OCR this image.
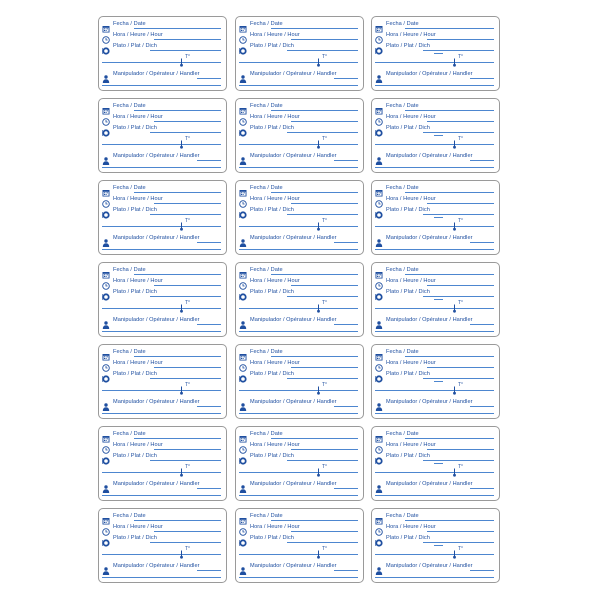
Fecha / Date
Hora / Heure / Hour
Plato / Plat / Dich
T°
Manipulador / Opérateur / Handler
Fecha / Date
Hora / Heure / Hour
Plato / Plat / Dich
T°
Manipulador / Opérateur / Handler
Fecha / Date
Hora / Heure / Hour
Plato / Plat / Dich
T°
Manipulador / Opérateur / Handler
Fecha / Date
Hora / Heure / Hour
Plato / Plat / Dich
T°
Manipulador / Opérateur / Handler
Fecha / Date
Hora / Heure / Hour
Plato / Plat / Dich
T°
Manipulador / Opérateur / Handler
Fecha / Date
Hora / Heure / Hour
Plato / Plat / Dich
T°
Manipulador / Opérateur / Handler
Fecha / Date
Hora / Heure / Hour
Plato / Plat / Dich
T°
Manipulador / Opérateur / Handler
Fecha / Date
Hora / Heure / Hour
Plato / Plat / Dich
T°
Manipulador / Opérateur / Handler
Fecha / Date
Hora / Heure / Hour
Plato / Plat / Dich
T°
Manipulador / Opérateur / Handler
Fecha / Date
Hora / Heure / Hour
Plato / Plat / Dich
T°
Manipulador / Opérateur / Handler
Fecha / Date
Hora / Heure / Hour
Plato / Plat / Dich
T°
Manipulador / Opérateur / Handler
Fecha / Date
Hora / Heure / Hour
Plato / Plat / Dich
T°
Manipulador / Opérateur / Handler
Fecha / Date
Hora / Heure / Hour
Plato / Plat / Dich
T°
Manipulador / Opérateur / Handler
Fecha / Date
Hora / Heure / Hour
Plato / Plat / Dich
T°
Manipulador / Opérateur / Handler
Fecha / Date
Hora / Heure / Hour
Plato / Plat / Dich
T°
Manipulador / Opérateur / Handler
Fecha / Date
Hora / Heure / Hour
Plato / Plat / Dich
T°
Manipulador / Opérateur / Handler
Fecha / Date
Hora / Heure / Hour
Plato / Plat / Dich
T°
Manipulador / Opérateur / Handler
Fecha / Date
Hora / Heure / Hour
Plato / Plat / Dich
T°
Manipulador / Opérateur / Handler
Fecha / Date
Hora / Heure / Hour
Plato / Plat / Dich
T°
Manipulador / Opérateur / Handler
Fecha / Date
Hora / Heure / Hour
Plato / Plat / Dich
T°
Manipulador / Opérateur / Handler
Fecha / Date
Hora / Heure / Hour
Plato / Plat / Dich
T°
Manipulador / Opérateur / Handler
